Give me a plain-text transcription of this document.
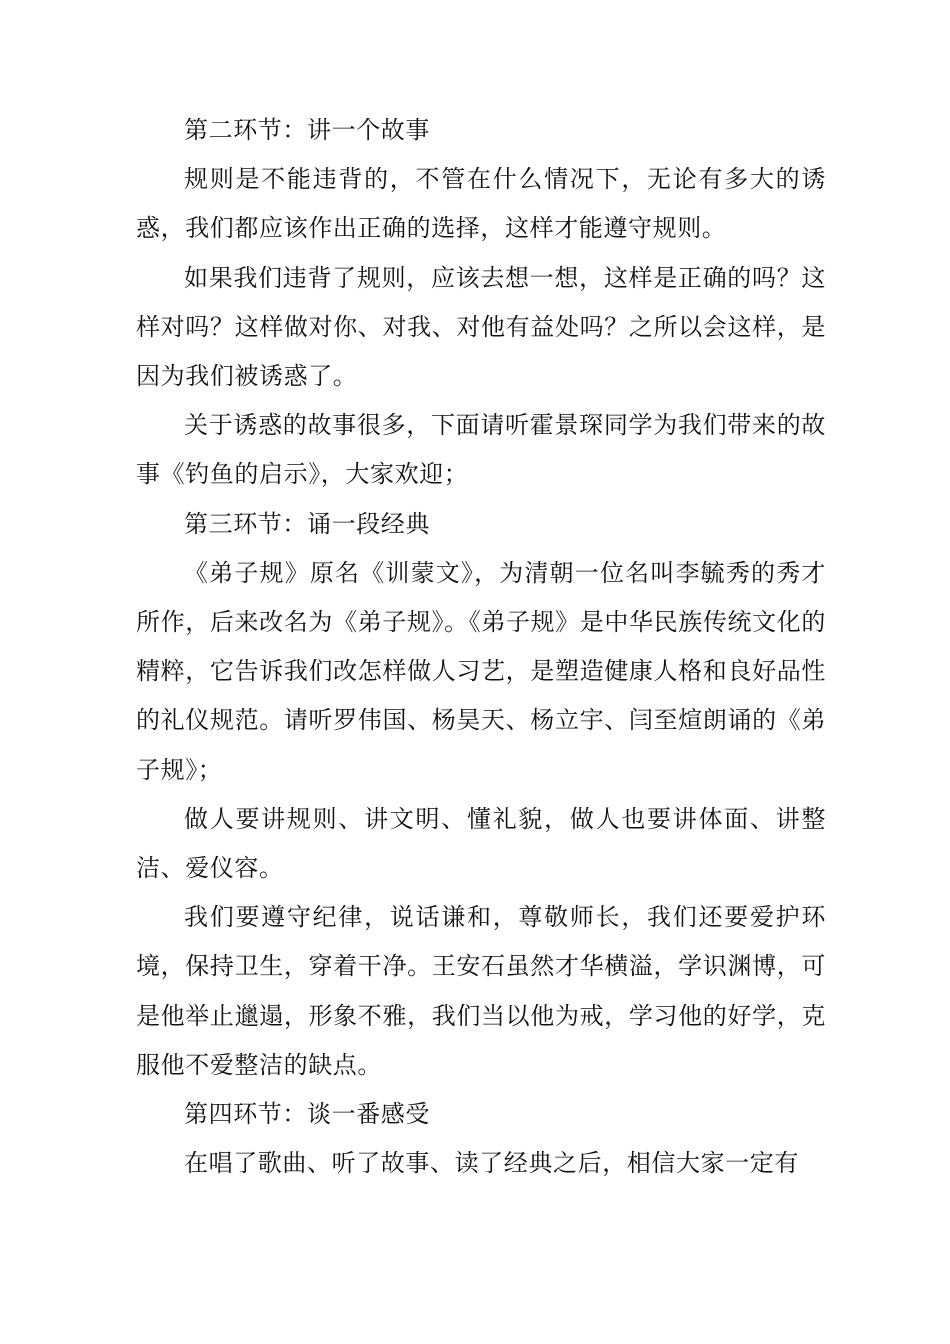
第二环节：讲一个故事

规则是不能违背的，不管在什么情况下，无论有多大的诱惑，我们都应该作出正确的选择，这样才能遵守规则。

如果我们违背了规则，应该去想一想，这样是正确的吗？这样对吗？这样做对你、对我、对他有益处吗？之所以会这样，是因为我们被诱惑了。

关于诱惑的故事很多，下面请听霍景琛同学为我们带来的故事《钓鱼的启示》，大家欢迎；

第三环节：诵一段经典

《弟子规》原名《训蒙文》，为清朝一位名叫李毓秀的秀才所作，后来改名为《弟子规》。《弟子规》是中华民族传统文化的精粹，它告诉我们改怎样做人习艺，是塑造健康人格和良好品性的礼仪规范。请听罗伟国、杨昊天、杨立宇、闫至煊朗诵的《弟子规》；

做人要讲规则、讲文明、懂礼貌，做人也要讲体面、讲整洁、爱仪容。

我们要遵守纪律，说话谦和，尊敬师长，我们还要爱护环境，保持卫生，穿着干净。王安石虽然才华横溢，学识渊博，可是他举止邋遢，形象不雅，我们当以他为戒，学习他的好学，克服他不爱整洁的缺点。

第四环节：谈一番感受

在唱了歌曲、听了故事、读了经典之后，相信大家一定有
